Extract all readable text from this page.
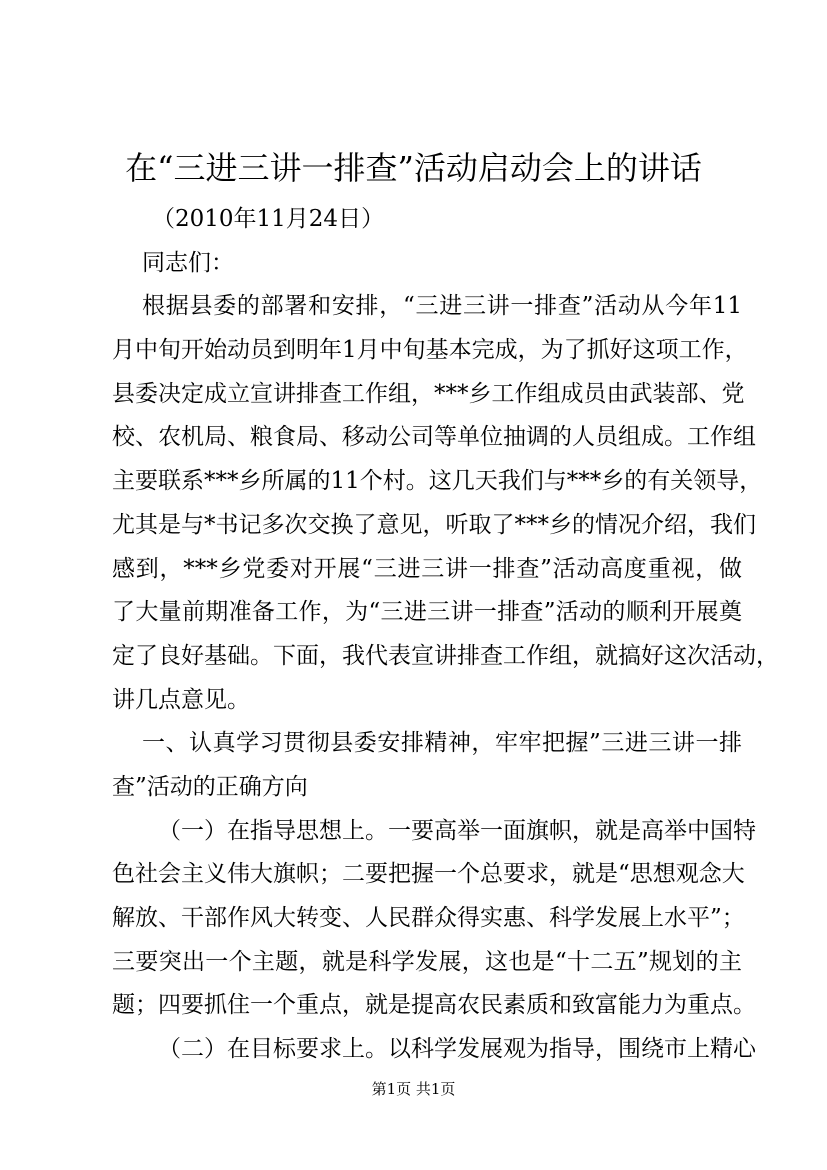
在“三进三讲一排查”活动启动会上的讲话
（2010年11月24日）
同志们：
根据县委的部署和安排，“三进三讲一排查”活动从今年11
月中旬开始动员到明年1月中旬基本完成，为了抓好这项工作，
县委决定成立宣讲排查工作组，***乡工作组成员由武装部、党
校、农机局、粮食局、移动公司等单位抽调的人员组成。工作组
主要联系***乡所属的11个村。这几天我们与***乡的有关领导，
尤其是与*书记多次交换了意见，听取了***乡的情况介绍，我们
感到，***乡党委对开展“三进三讲一排查”活动高度重视，做
了大量前期准备工作，为“三进三讲一排查”活动的顺利开展奠
定了良好基础。下面，我代表宣讲排查工作组，就搞好这次活动，
讲几点意见。
一、认真学习贯彻县委安排精神，牢牢把握”三进三讲一排
查”活动的正确方向
（一）在指导思想上。一要高举一面旗帜，就是高举中国特
色社会主义伟大旗帜；二要把握一个总要求，就是“思想观念大
解放、干部作风大转变、人民群众得实惠、科学发展上水平”；
三要突出一个主题，就是科学发展，这也是“十二五”规划的主
题；四要抓住一个重点，就是提高农民素质和致富能力为重点。
（二）在目标要求上。以科学发展观为指导，围绕市上精心
第1页 共1页
